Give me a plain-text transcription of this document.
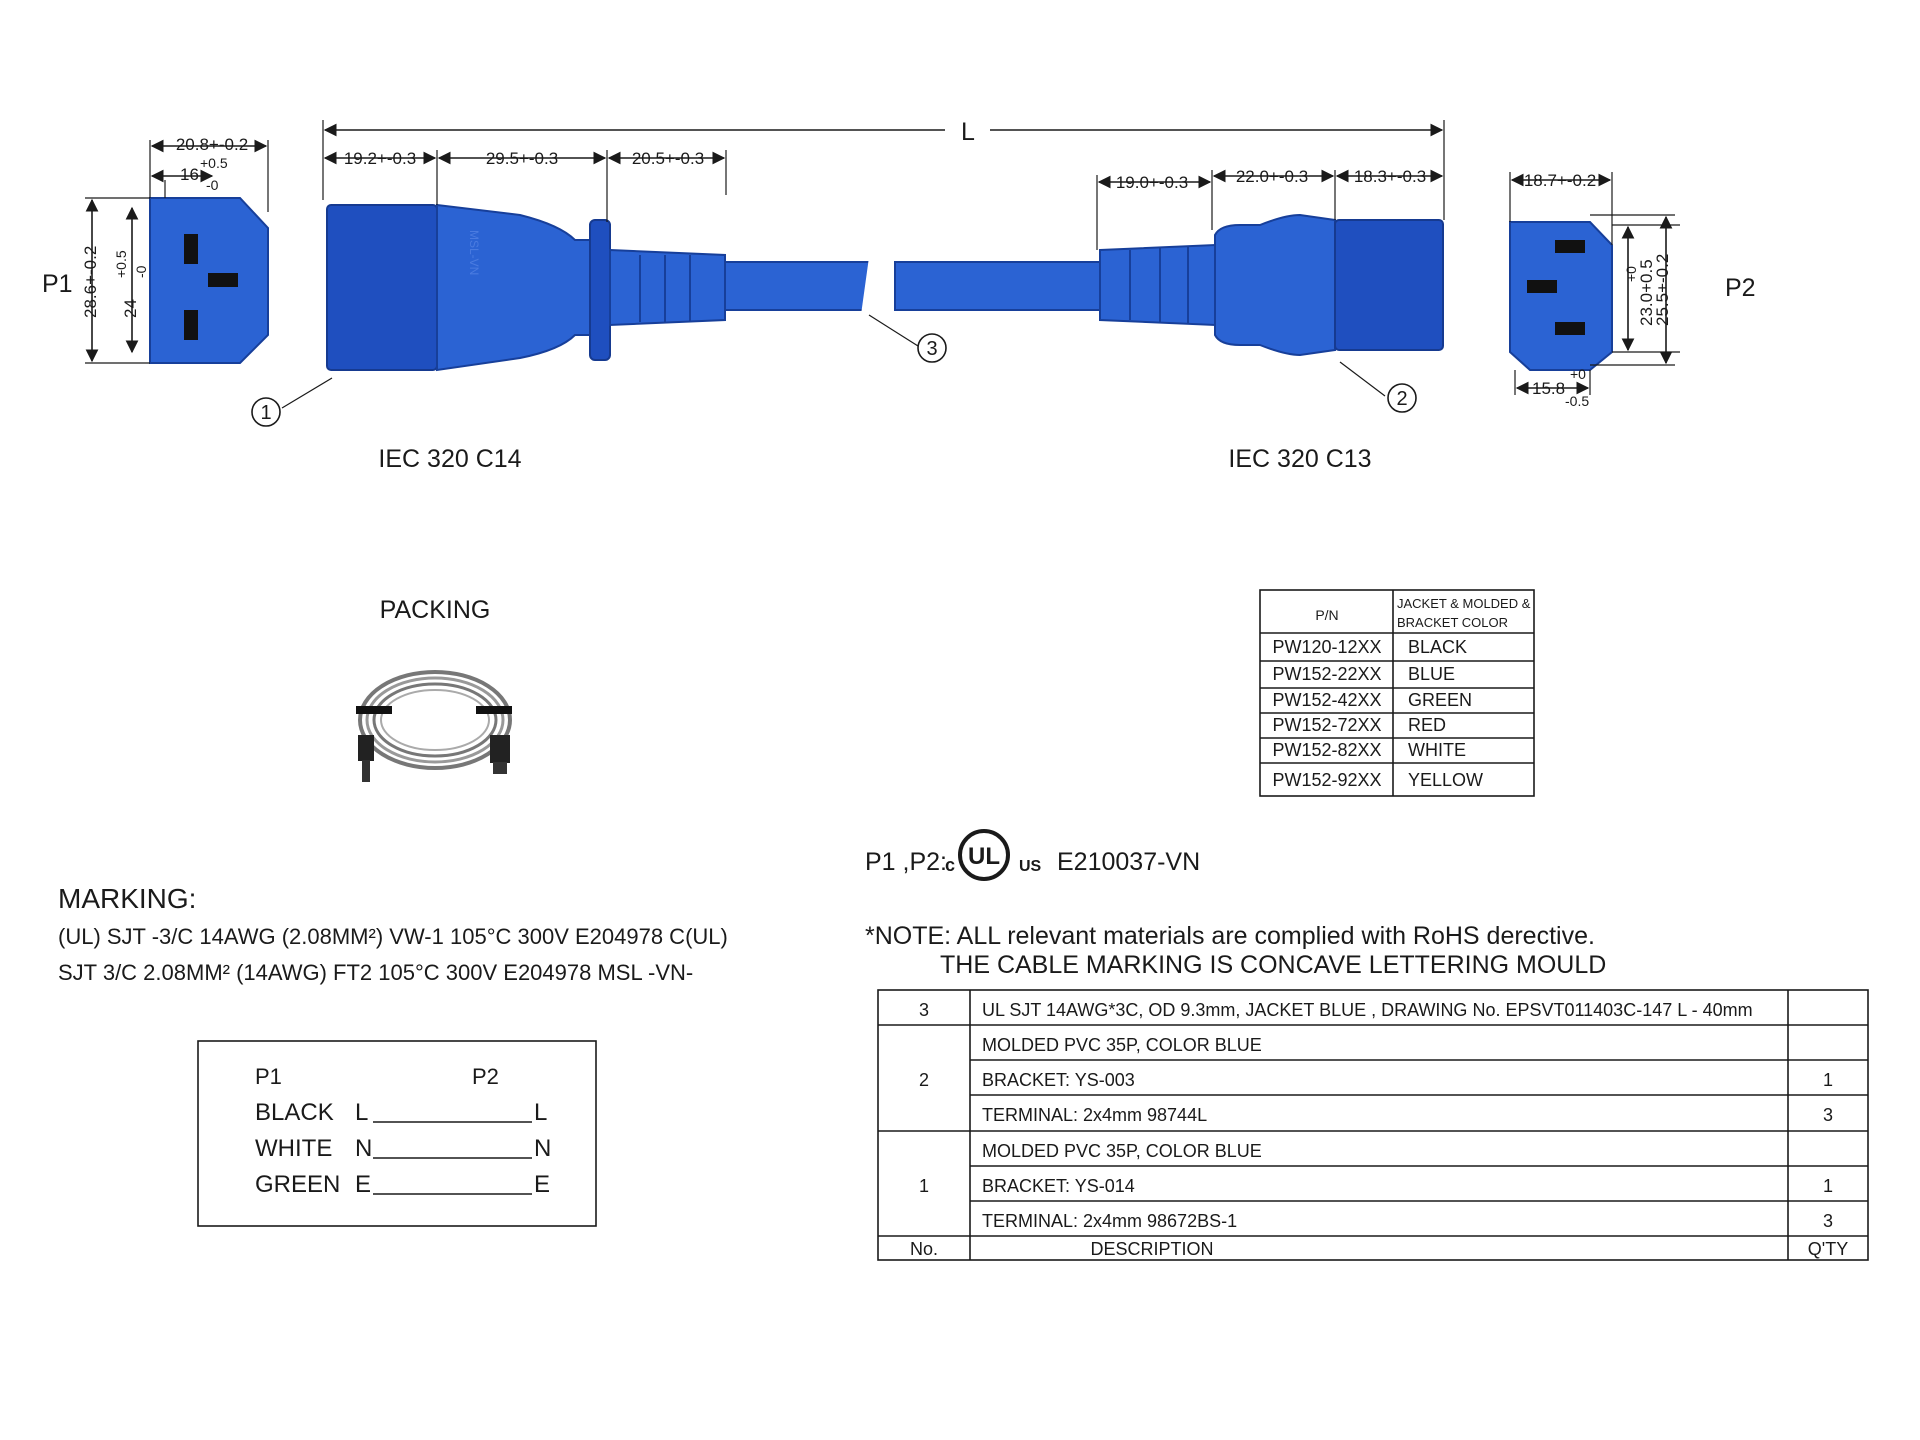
L
P1
20.8+-0.2
16
+0.5
-0
28.6+-0.2 24
+0.5 -0	MSL-VN
19.2+-0.3	29.5+-0.3	20.5+-0.3
1
IEC 320 C14
3
19.0+-0.3	22.0+-0.3	18.3+-0.3
2
IEC 320 C13
P2
18.7+-0.2
15.8
+0
-0.5
+0
23.0+0.5
25.5+-0.2
PACKING	P/N
JACKET & MOLDED &
BRACKET COLOR
PW120-12XX BLACK
PW152-22XX BLUE
PW152-42XX GREEN
PW152-72XX RED
PW152-82XX WHITE
PW152-92XX YELLOW
P1 ,P2:
c UL US E210037-VN
MARKING:
(UL) SJT -3/C 14AWG (2.08MM²) VW-1 105°C 300V E204978 C(UL)
SJT 3/C 2.08MM² (14AWG) FT2 105°C 300V E204978 MSL -VN-
*NOTE: ALL relevant materials are complied with RoHS derective.
THE CABLE MARKING IS CONCAVE LETTERING MOULD
P1	P2
BLACK L	L
WHITE N	N
GREEN E	E
3	UL SJT 14AWG*3C, OD 9.3mm, JACKET BLUE , DRAWING No. EPSVT011403C-147 L - 40mm
2
MOLDED PVC 35P, COLOR BLUE
BRACKET: YS-003	1
TERMINAL: 2x4mm 98744L	3
1
MOLDED PVC 35P, COLOR BLUE
BRACKET: YS-014	1
TERMINAL: 2x4mm 98672BS-1	3
No.	DESCRIPTION	Q'TY
